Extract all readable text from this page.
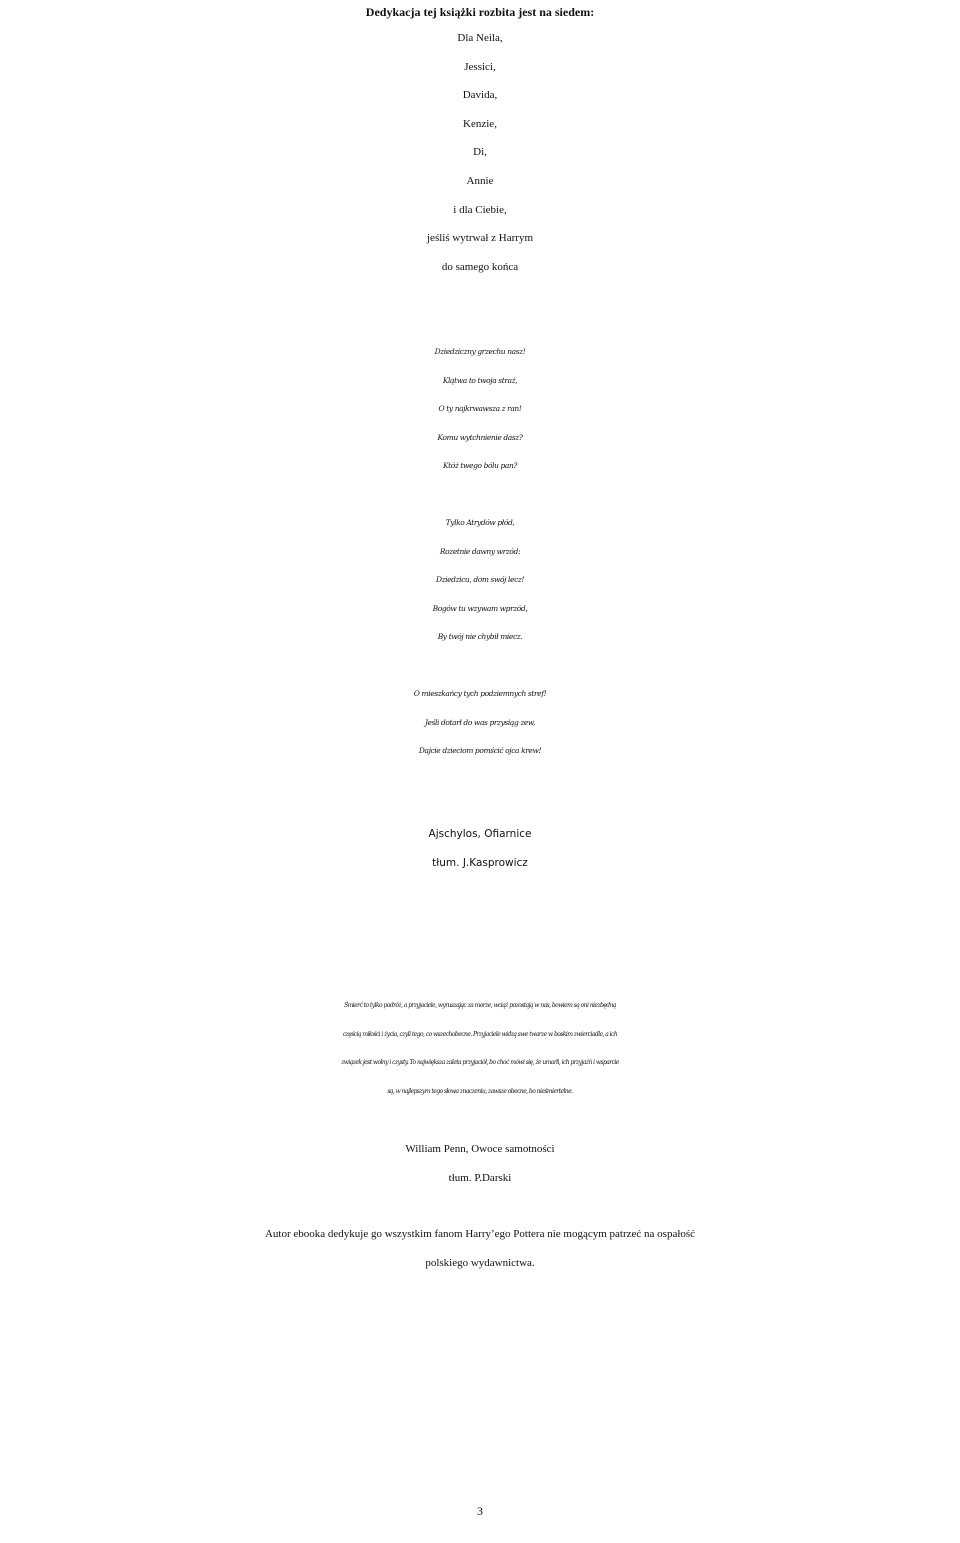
Dedykacja tej książki rozbita jest na siedem:
Dla Neila,
Jessici,
Davida,
Kenzie,
Di,
Annie
i dla Ciebie,
jeśliś wytrwał z Harrym
do samego końca
Dziedziczny grzechu nasz!
Klątwa to twoja straż,
O ty najkrwawsza z ran!
Komu wytchnienie dasz?
Któż twego bólu pan?
Tylko Atrydów płód,
Rozetnie dawny wrzód:
Dziedzicu, dom swój lecz!
Bogów tu wzywam wprzód,
By twój nie chybił miecz.
O mieszkańcy tych podziemnych stref!
Jeśli dotarł do was przysiąg zew,
Dajcie dzieciom pomścić ojca krew!
Ajschylos, Ofiarnice
tłum. J.Kasprowicz
Śmierć to tylko podróż, a przyjaciele, wyruszając za morze, wciąż pozostają w nas, bowiem są oni niezbędną
częścią miłości i życia, czyli tego, co wszechobecne. Przyjaciele widzą swe twarze w boskim zwierciadle, a ich
związek jest wolny i czysty. To największa zaleta przyjaciół, bo choć mówi się, że umarli, ich przyjaźń i wsparcie
są, w najlepszym tego słowa znaczeniu, zawsze obecne, bo nieśmiertelne.
William Penn, Owoce samotności
tłum. P.Darski
Autor ebooka dedykuje go wszystkim fanom Harry’ego Pottera nie mogącym patrzeć na ospałość
polskiego wydawnictwa.
3
